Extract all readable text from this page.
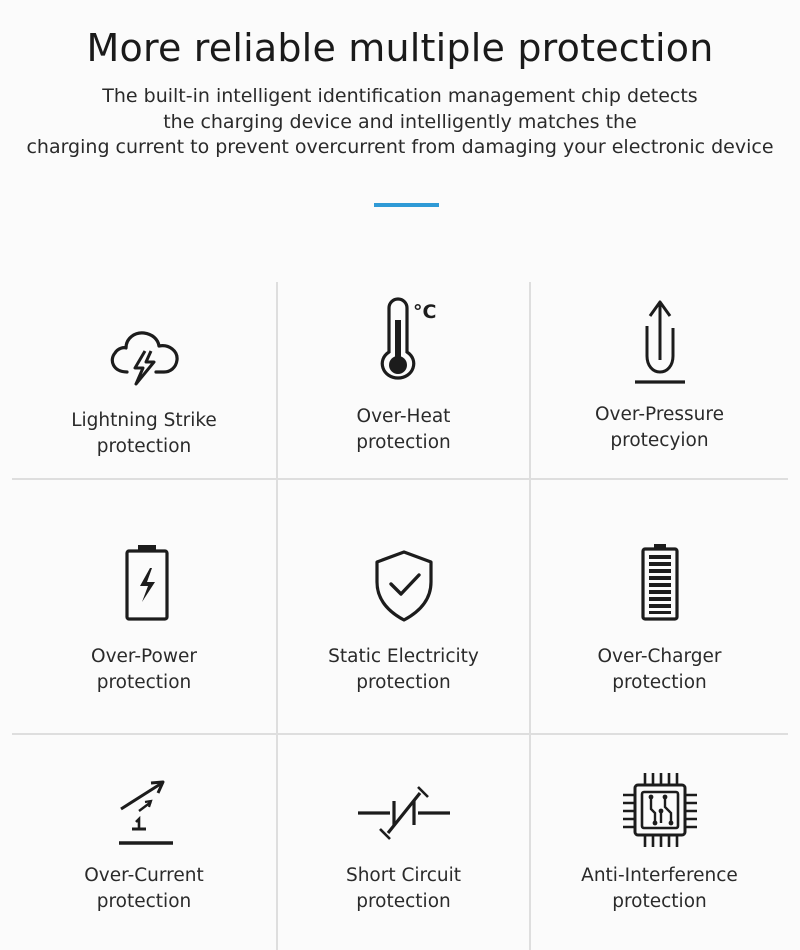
More reliable multiple protection
The built-in intelligent identification management chip detects
the charging device and intelligently matches the
charging current to prevent overcurrent from damaging your electronic device
Lightning Strike
protection
°C
Over-Heat
protection
Over-Pressure
protecyion
Over-Power
protection
Static Electricity
protection
Over-Charger
protection
Over-Current
protection
Short Circuit
protection
Anti-Interference
protection
